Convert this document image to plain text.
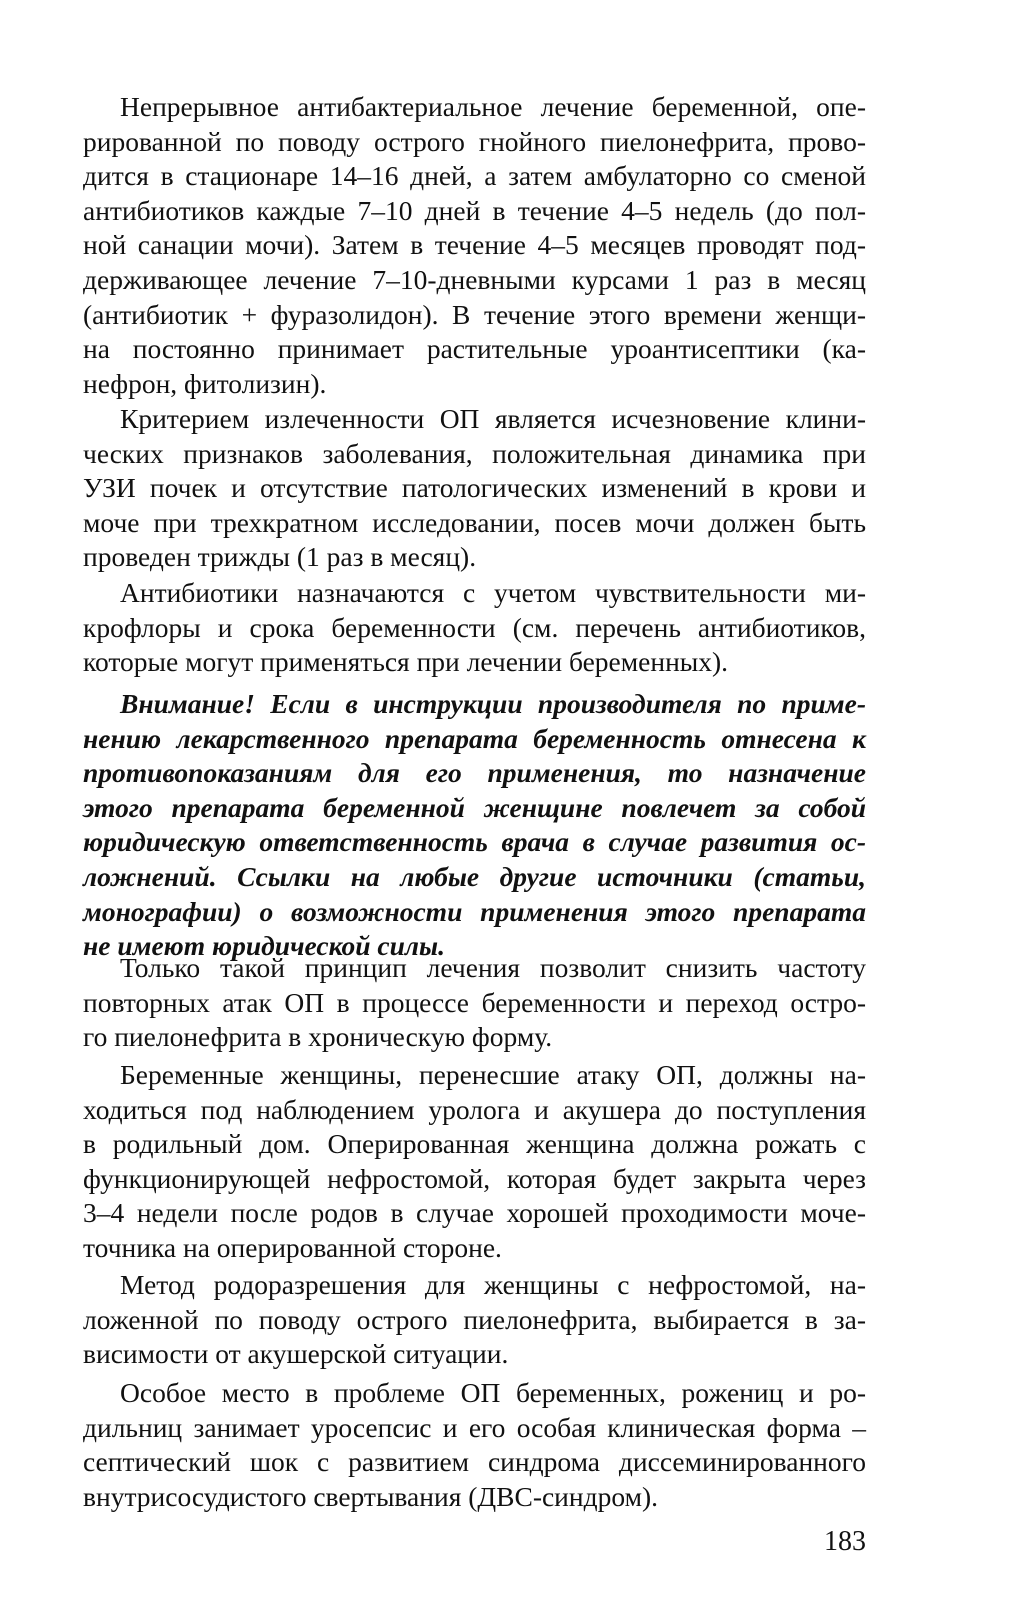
Непрерывное антибактериальное лечение беременной, опе-
рированной по поводу острого гнойного пиелонефрита, прово-
дится в стационаре 14–16 дней, а затем амбулаторно со сменой
антибиотиков каждые 7–10 дней в течение 4–5 недель (до пол-
ной санации мочи). Затем в течение 4–5 месяцев проводят под-
держивающее лечение 7–10-дневными курсами 1 раз в месяц
(антибиотик + фуразолидон). В течение этого времени женщи-
на постоянно принимает растительные уроантисептики (ка-
нефрон, фитолизин).
Критерием излеченности ОП является исчезновение клини-
ческих признаков заболевания, положительная динамика при
УЗИ почек и отсутствие патологических изменений в крови и
моче при трехкратном исследовании, посев мочи должен быть
проведен трижды (1 раз в месяц).
Антибиотики назначаются с учетом чувствительности ми-
крофлоры и срока беременности (см. перечень антибиотиков,
которые могут применяться при лечении беременных).
Внимание! Если в инструкции производителя по приме-
нению лекарственного препарата беременность отнесена к
противопоказаниям для его применения, то назначение
этого препарата беременной женщине повлечет за собой
юридическую ответственность врача в случае развития ос-
ложнений. Ссылки на любые другие источники (статьи,
монографии) о возможности применения этого препарата
не имеют юридической силы.
Только такой принцип лечения позволит снизить частоту
повторных атак ОП в процессе беременности и переход остро-
го пиелонефрита в хроническую форму.
Беременные женщины, перенесшие атаку ОП, должны на-
ходиться под наблюдением уролога и акушера до поступления
в родильный дом. Оперированная женщина должна рожать с
функционирующей нефростомой, которая будет закрыта через
3–4 недели после родов в случае хорошей проходимости моче-
точника на оперированной стороне.
Метод родоразрешения для женщины с нефростомой, на-
ложенной по поводу острого пиелонефрита, выбирается в за-
висимости от акушерской ситуации.
Особое место в проблеме ОП беременных, рожениц и ро-
дильниц занимает уросепсис и его особая клиническая форма –
септический шок с развитием синдрома диссеминированного
внутрисосудистого свертывания (ДВС-синдром).
183
